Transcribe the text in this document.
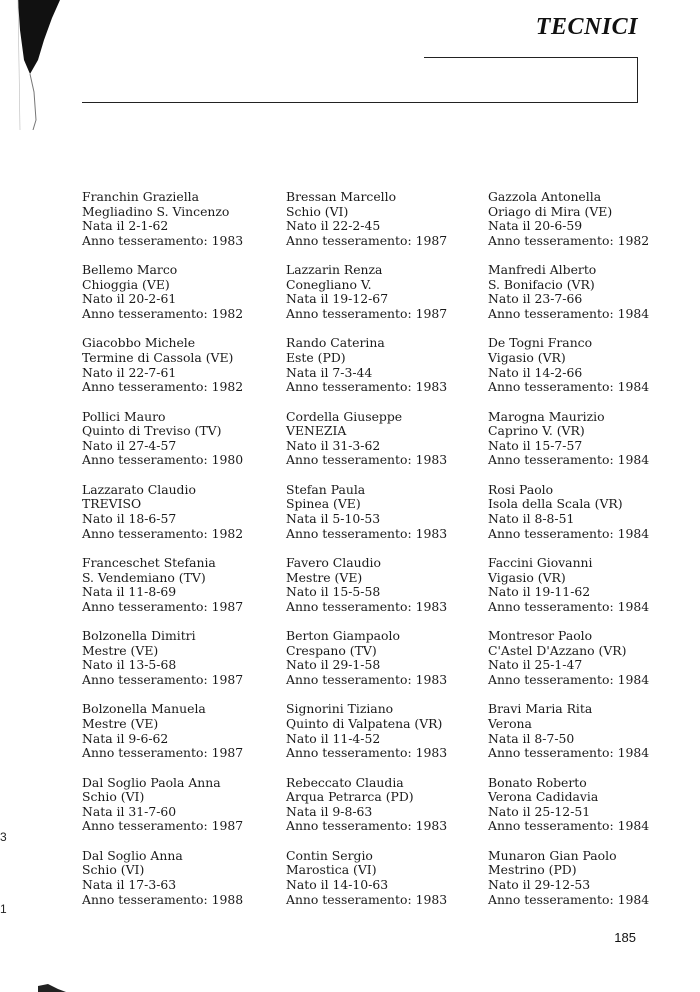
TECNICI
Franchin Graziella
Megliadino S. Vincenzo
Nata il 2-1-62
Anno tesseramento: 1983
Bellemo Marco
Chioggia (VE)
Nato il 20-2-61
Anno tesseramento: 1982
Giacobbo Michele
Termine di Cassola (VE)
Nato il 22-7-61
Anno tesseramento: 1982
Pollici Mauro
Quinto di Treviso (TV)
Nato il 27-4-57
Anno tesseramento: 1980
Lazzarato Claudio
TREVISO
Nato il 18-6-57
Anno tesseramento: 1982
Franceschet Stefania
S. Vendemiano (TV)
Nata il 11-8-69
Anno tesseramento: 1987
Bolzonella Dimitri
Mestre (VE)
Nato il 13-5-68
Anno tesseramento: 1987
Bolzonella Manuela
Mestre (VE)
Nata il 9-6-62
Anno tesseramento: 1987
Dal Soglio Paola Anna
Schio (VI)
Nata il 31-7-60
Anno tesseramento: 1987
Dal Soglio Anna
Schio (VI)
Nata il 17-3-63
Anno tesseramento: 1988
Bressan Marcello
Schio (VI)
Nato il 22-2-45
Anno tesseramento: 1987
Lazzarin Renza
Conegliano V.
Nata il 19-12-67
Anno tesseramento: 1987
Rando Caterina
Este (PD)
Nata il 7-3-44
Anno tesseramento: 1983
Cordella Giuseppe
VENEZIA
Nato il 31-3-62
Anno tesseramento: 1983
Stefan Paula
Spinea (VE)
Nata il 5-10-53
Anno tesseramento: 1983
Favero Claudio
Mestre (VE)
Nato il 15-5-58
Anno tesseramento: 1983
Berton Giampaolo
Crespano (TV)
Nato il 29-1-58
Anno tesseramento: 1983
Signorini Tiziano
Quinto di Valpatena (VR)
Nato il 11-4-52
Anno tesseramento: 1983
Rebeccato Claudia
Arqua Petrarca (PD)
Nata il 9-8-63
Anno tesseramento: 1983
Contin Sergio
Marostica (VI)
Nato il 14-10-63
Anno tesseramento: 1983
Gazzola Antonella
Oriago di Mira (VE)
Nata il 20-6-59
Anno tesseramento: 1982
Manfredi Alberto
S. Bonifacio (VR)
Nato il 23-7-66
Anno tesseramento: 1984
De Togni Franco
Vigasio (VR)
Nato il 14-2-66
Anno tesseramento: 1984
Marogna Maurizio
Caprino V. (VR)
Nato il 15-7-57
Anno tesseramento: 1984
Rosi Paolo
Isola della Scala (VR)
Nato il 8-8-51
Anno tesseramento: 1984
Faccini Giovanni
Vigasio (VR)
Nato il 19-11-62
Anno tesseramento: 1984
Montresor Paolo
C'Astel D'Azzano (VR)
Nato il 25-1-47
Anno tesseramento: 1984
Bravi Maria Rita
Verona
Nata il 8-7-50
Anno tesseramento: 1984
Bonato Roberto
Verona Cadidavia
Nato il 25-12-51
Anno tesseramento: 1984
Munaron Gian Paolo
Mestrino (PD)
Nato il 29-12-53
Anno tesseramento: 1984
185
3
1
